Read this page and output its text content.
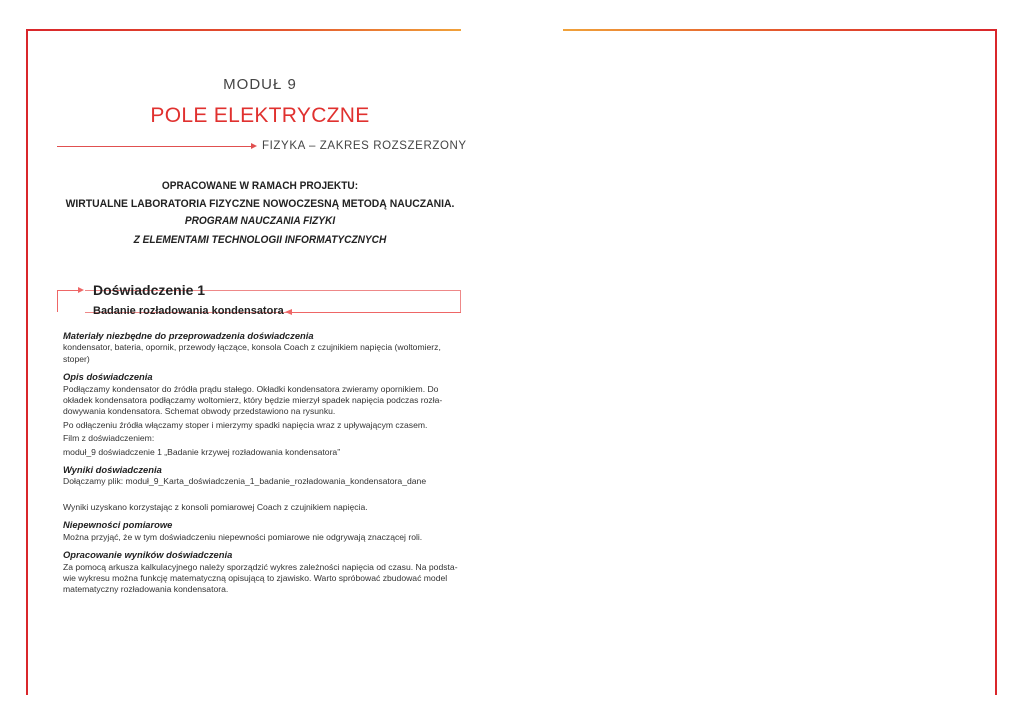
MODUŁ 9
POLE ELEKTRYCZNE
FIZYKA – ZAKRES ROZSZERZONY
OPRACOWANE W RAMACH PROJEKTU:
WIRTUALNE LABORATORIA FIZYCZNE NOWOCZESNĄ METODĄ NAUCZANIA.
PROGRAM NAUCZANIA FIZYKI
Z ELEMENTAMI TECHNOLOGII INFORMATYCZNYCH
Doświadczenie 1
Badanie rozładowania kondensatora
Materiały niezbędne do przeprowadzenia doświadczenia

kondensator, bateria, opornik, przewody łączące, konsola Coach z czujnikiem napięcia (woltomierz, stoper)

Opis doświadczenia

Podłączamy kondensator do źródła prądu stałego. Okładki kondensatora zwieramy opornikiem. Do okładek kondensatora podłączamy woltomierz, który będzie mierzył spadek napięcia podczas rozła-dowywania kondensatora. Schemat obwody przedstawiono na rysunku.

Po odłączeniu źródła włączamy stoper i mierzymy spadki napięcia wraz z upływającym czasem.

Film z doświadczeniem:

moduł_9 doświadczenie 1 „Badanie krzywej rozładowania kondensatora”

Wyniki doświadczenia

Dołączamy plik: moduł_9_Karta_doświadczenia_1_badanie_rozładowania_kondensatora_dane

Wyniki uzyskano korzystając z konsoli pomiarowej Coach z czujnikiem napięcia.

Niepewności pomiarowe

Można przyjąć, że w tym doświadczeniu niepewności pomiarowe nie odgrywają znaczącej roli.

Opracowanie wyników doświadczenia

Za pomocą arkusza kalkulacyjnego należy sporządzić wykres zależności napięcia od czasu. Na podsta-wie wykresu można funkcję matematyczną opisującą to zjawisko. Warto spróbować zbudować model matematyczny rozładowania kondensatora.
